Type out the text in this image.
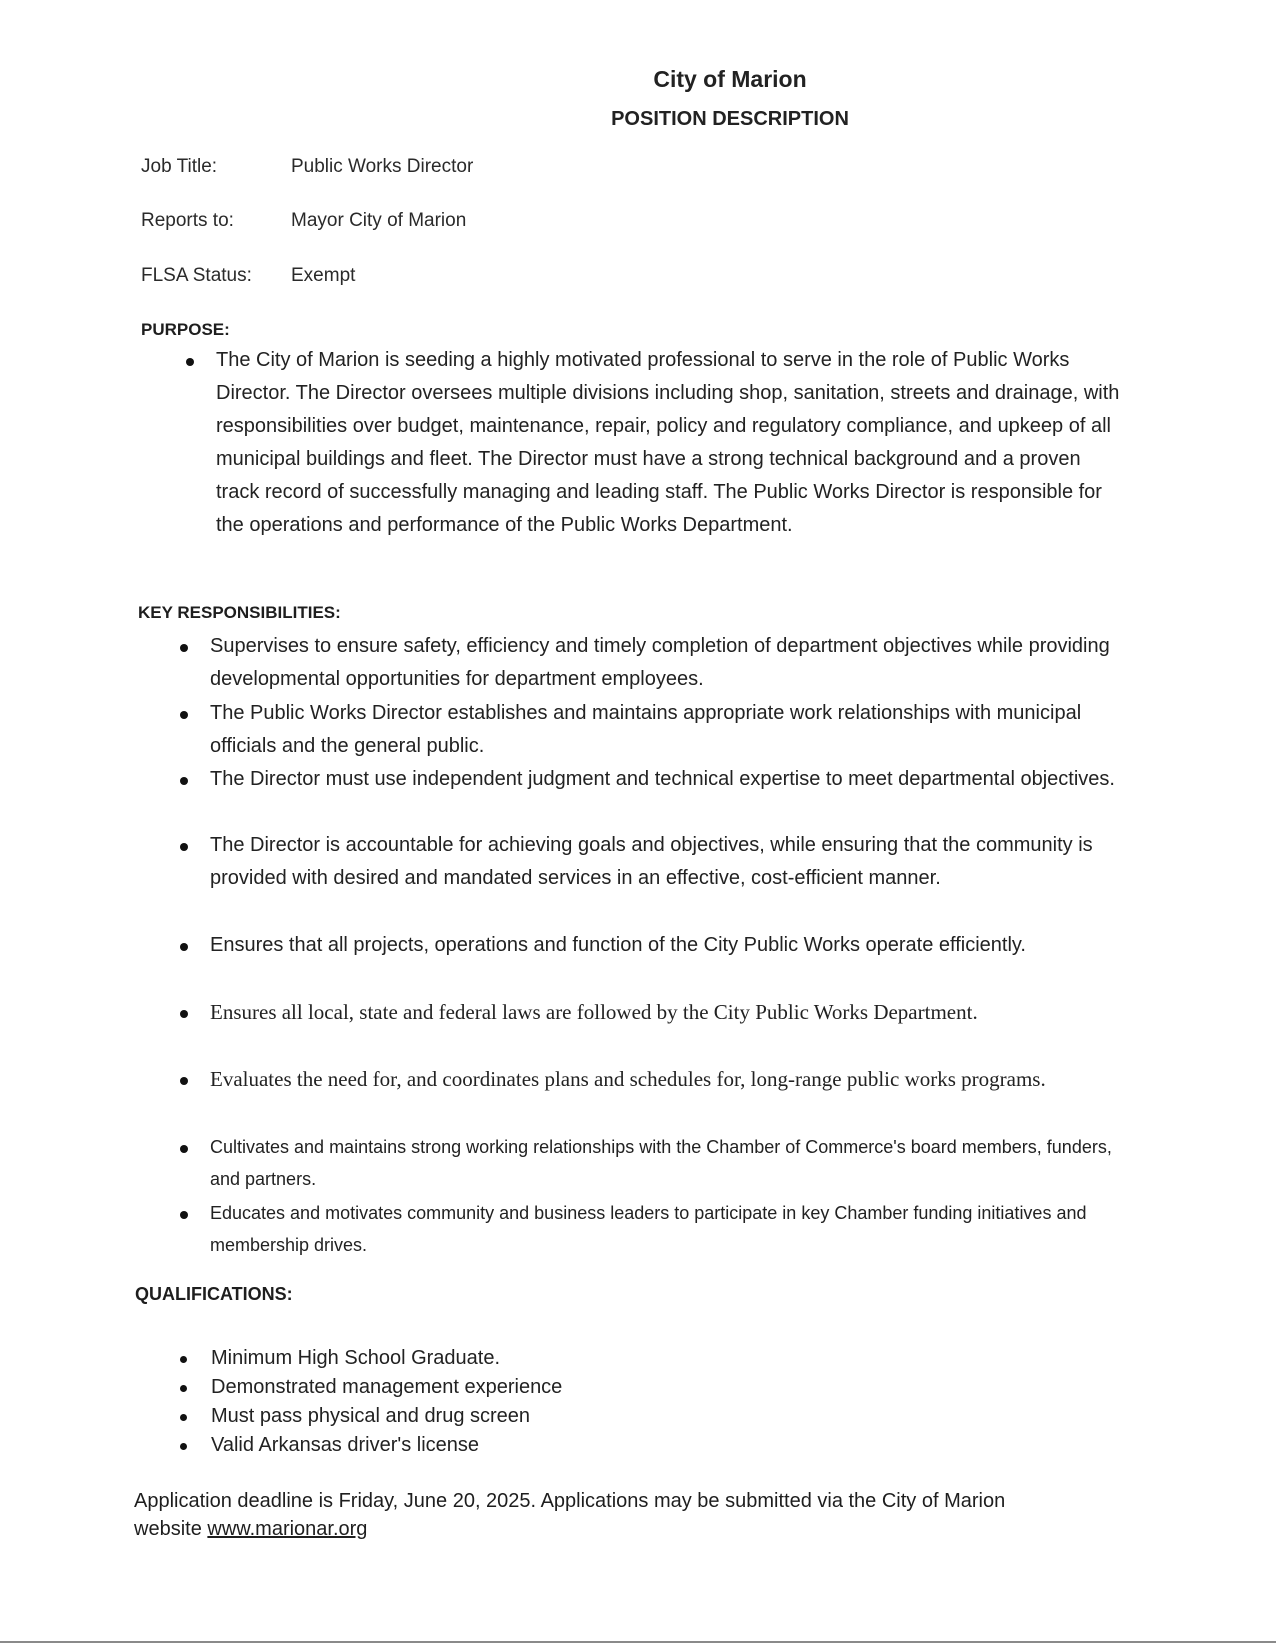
City of Marion
POSITION DESCRIPTION
Job Title:	Public Works Director
Reports to:	Mayor City of Marion
FLSA Status:	Exempt
PURPOSE:
The City of Marion is seeding a highly motivated professional to serve in the role of Public Works Director. The Director oversees multiple divisions including shop, sanitation, streets and drainage, with responsibilities over budget, maintenance, repair, policy and regulatory compliance, and upkeep of all municipal buildings and fleet. The Director must have a strong technical background and a proven track record of successfully managing and leading staff. The Public Works Director is responsible for the operations and performance of the Public Works Department.
KEY RESPONSIBILITIES:
Supervises to ensure safety, efficiency and timely completion of department objectives while providing developmental opportunities for department employees.
The Public Works Director establishes and maintains appropriate work relationships with municipal officials and the general public.
The Director must use independent judgment and technical expertise to meet departmental objectives.
The Director is accountable for achieving goals and objectives, while ensuring that the community is provided with desired and mandated services in an effective, cost-efficient manner.
Ensures that all projects, operations and function of the City Public Works operate efficiently.
Ensures all local, state and federal laws are followed by the City Public Works Department.
Evaluates the need for, and coordinates plans and schedules for, long-range public works programs.
Cultivates and maintains strong working relationships with the Chamber of Commerce's board members, funders, and partners.
Educates and motivates community and business leaders to participate in key Chamber funding initiatives and membership drives.
QUALIFICATIONS:
Minimum High School Graduate.
Demonstrated management experience
Must pass physical and drug screen
Valid Arkansas driver's license
Application deadline is Friday, June 20, 2025. Applications may be submitted via the City of Marion website www.marionar.org
